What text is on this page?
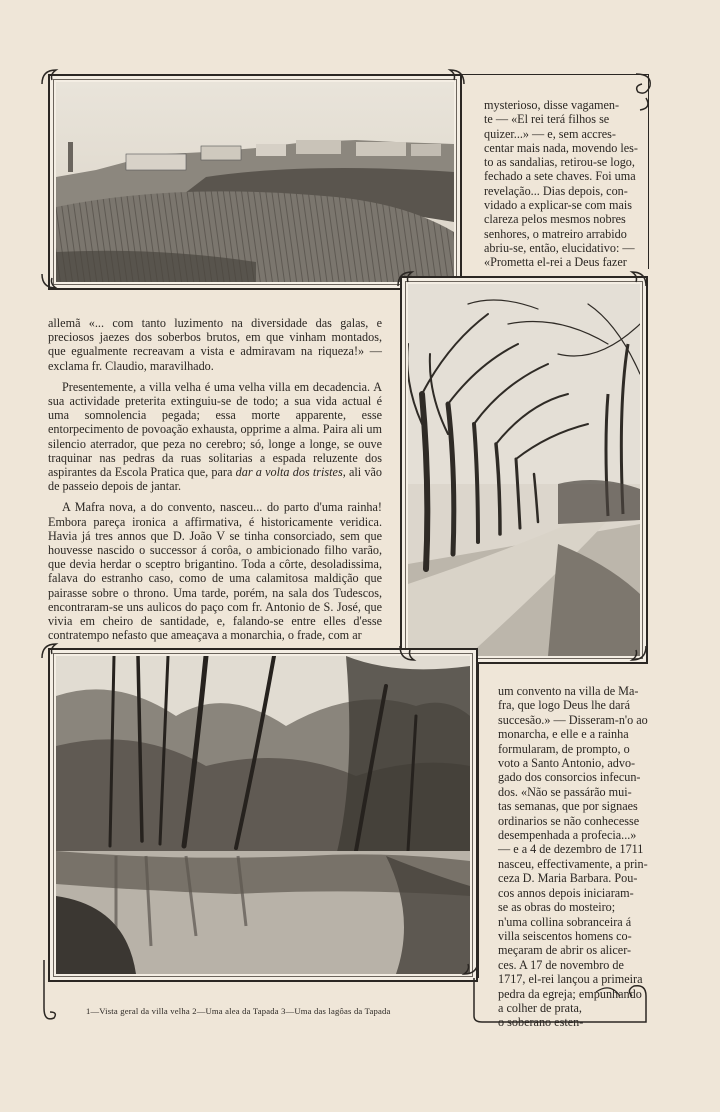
mysterioso, disse vagamen-
te — «El rei terá filhos se
quizer...» — e, sem accres-
centar mais nada, movendo les-
to as sandalias, retirou-se logo,
fechado a sete chaves. Foi uma
revelação... Dias depois, con-
vidado a explicar-se com mais
clareza pelos mesmos nobres
senhores, o matreiro arrabido
abriu-se, então, elucidativo: —
«Prometta el-rei a Deus fazer

allemã «... com tanto luzimento na diversidade das galas, e preciosos jaezes dos soberbos brutos, em que vinham montados, que egualmente recreavam a vista e admiravam na riqueza!» — exclama fr. Claudio, maravilhado.

Presentemente, a villa velha é uma velha villa em decadencia. A sua actividade preterita extinguiu-se de todo; a sua vida actual é uma somnolencia pegada; essa morte apparente, esse entorpecimento de povoação exhausta, opprime a alma. Paira ali um silencio aterrador, que peza no cerebro; só, longe a longe, se ouve traquinar nas pedras da ruas solitarias a espada reluzente dos aspirantes da Escola Pratica que, para dar a volta dos tristes, ali vão de passeio depois de jantar.

A Mafra nova, a do convento, nasceu... do parto d'uma rainha! Embora pareça ironica a affirmativa, é historicamente veridica. Havia já tres annos que D. João V se tinha consorciado, sem que houvesse nascido o successor á corôa, o ambicionado filho varão, que devia herdar o sceptro brigantino. Toda a côrte, desoladissima, falava do estranho caso, como de uma calamitosa maldição que pairasse sobre o throno. Uma tarde, porém, na sala dos Tudescos, encontraram-se uns aulicos do paço com fr. Antonio de S. José, que vivia em cheiro de santidade, e, falando-se entre elles d'esse contratempo nefasto que ameaçava a monarchia, o frade, com ar

um convento na villa de Ma-
fra, que logo Deus lhe dará
succesão.» — Disseram-n'o ao
monarcha, e elle e a rainha
formularam, de prompto, o
voto a Santo Antonio, advo-
gado dos consorcios infecun-
dos. «Não se passárão mui-
tas semanas, que por signaes
ordinarios se não conhecesse
desempenhada a profecia...»
— e a 4 de dezembro de 1711
nasceu, effectivamente, a prin-
ceza D. Maria Barbara. Pou-
cos annos depois iniciaram-
se as obras do mosteiro;
n'uma collina sobranceira á
villa seiscentos homens co-
meçaram de abrir os alicer-
ces. A 17 de novembro de
1717, el-rei lançou a primeira
pedra da egreja; empunhando
a colher de prata,
o soberano esten-
1—Vista geral da villa velha 2—Uma alea da Tapada 3—Uma das lagôas da Tapada
